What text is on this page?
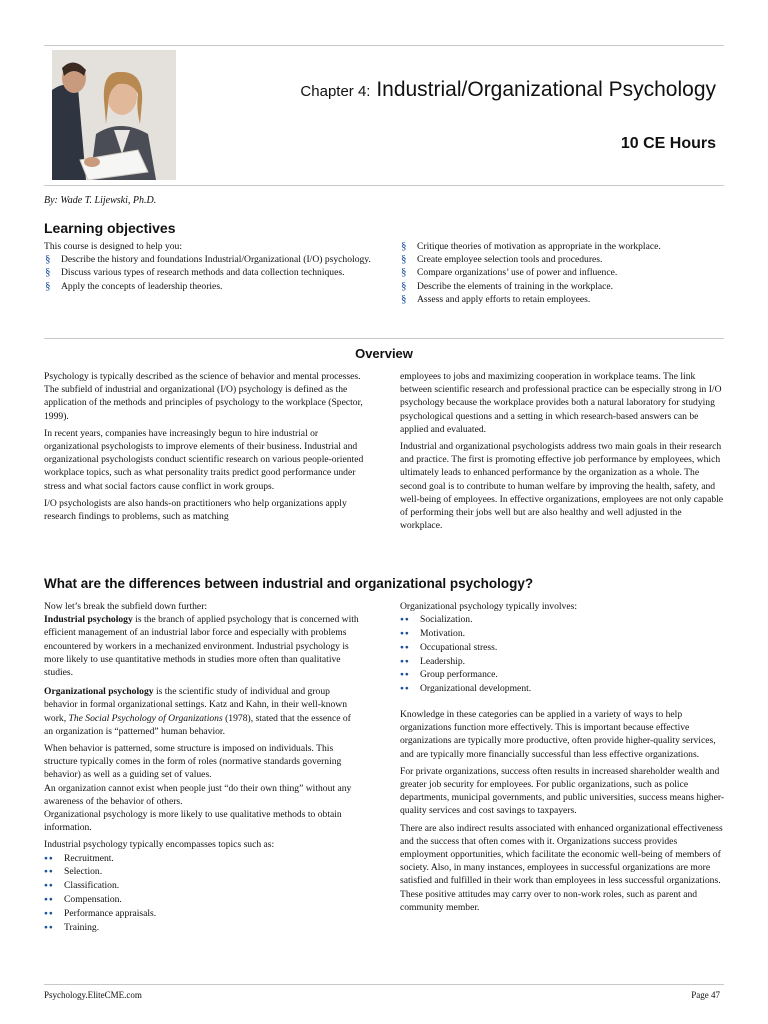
Chapter 4: Industrial/Organizational Psychology
10 CE Hours
By: Wade T. Lijewski, Ph.D.
Learning objectives
This course is designed to help you:
§ Describe the history and foundations Industrial/Organizational (I/O) psychology.
§ Discuss various types of research methods and data collection techniques.
§ Apply the concepts of leadership theories.
§ Critique theories of motivation as appropriate in the workplace.
§ Create employee selection tools and procedures.
§ Compare organizations’ use of power and influence.
§ Describe the elements of training in the workplace.
§ Assess and apply efforts to retain employees.
Overview

Psychology is typically described as the science of behavior and mental processes. The subfield of industrial and organizational (I/O) psychology is defined as the application of the methods and principles of psychology to the workplace (Spector, 1999).

In recent years, companies have increasingly begun to hire industrial or organizational psychologists to improve elements of their business. Industrial and organizational psychologists conduct scientific research on various people-oriented workplace topics, such as what personality traits predict good performance under stress and what social factors cause conflict in work groups.

I/O psychologists are also hands-on practitioners who help organizations apply research findings to problems, such as matching

employees to jobs and maximizing cooperation in workplace teams. The link between scientific research and professional practice can be especially strong in I/O psychology because the workplace provides both a natural laboratory for studying psychological questions and a setting in which research-based answers can be applied and evaluated.

Industrial and organizational psychologists address two main goals in their research and practice. The first is promoting effective job performance by employees, which ultimately leads to enhanced performance by the organization as a whole. The second goal is to contribute to human welfare by improving the health, safety, and well-being of employees. In effective organizations, employees are not only capable of performing their jobs well but are also healthy and well adjusted in the workplace.

What are the differences between industrial and organizational psychology?

Now let’s break the subfield down further:

Industrial psychology is the branch of applied psychology that is concerned with efficient management of an industrial labor force and especially with problems encountered by workers in a mechanized environment. Industrial psychology is more likely to use quantitative methods in studies more often than qualitative studies.

Organizational psychology is the scientific study of individual and group behavior in formal organizational settings. Katz and Kahn, in their well-known work, The Social Psychology of Organizations (1978), stated that the essence of an organization is “patterned” human behavior.

When behavior is patterned, some structure is imposed on individuals. This structure typically comes in the form of roles (normative standards governing behavior) as well as a guiding set of values.

An organization cannot exist when people just “do their own thing” without any awareness of the behavior of others.

Organizational psychology is more likely to use qualitative methods to obtain information.

Industrial psychology typically encompasses topics such as:
●● Recruitment.
●● Selection.
●● Classification.
●● Compensation.
●● Performance appraisals.
●● Training.
Organizational psychology typically involves:
●● Socialization.
●● Motivation.
●● Occupational stress.
●● Leadership.
●● Group performance.
●● Organizational development.

Knowledge in these categories can be applied in a variety of ways to help organizations function more effectively. This is important because effective organizations are typically more productive, often provide higher-quality services, and are typically more financially successful than less effective organizations.

For private organizations, success often results in increased shareholder wealth and greater job security for employees. For public organizations, such as police departments, municipal governments, and public universities, success means higher-quality services and cost savings to taxpayers.

There are also indirect results associated with enhanced organizational effectiveness and the success that often comes with it. Organizations success provides employment opportunities, which facilitate the economic well-being of members of society. Also, in many instances, employees in successful organizations are more satisfied and fulfilled in their work than employees in less successful organizations. These positive attitudes may carry over to non-work roles, such as parent and community member.

Psychology.EliteCME.com	Page 47
